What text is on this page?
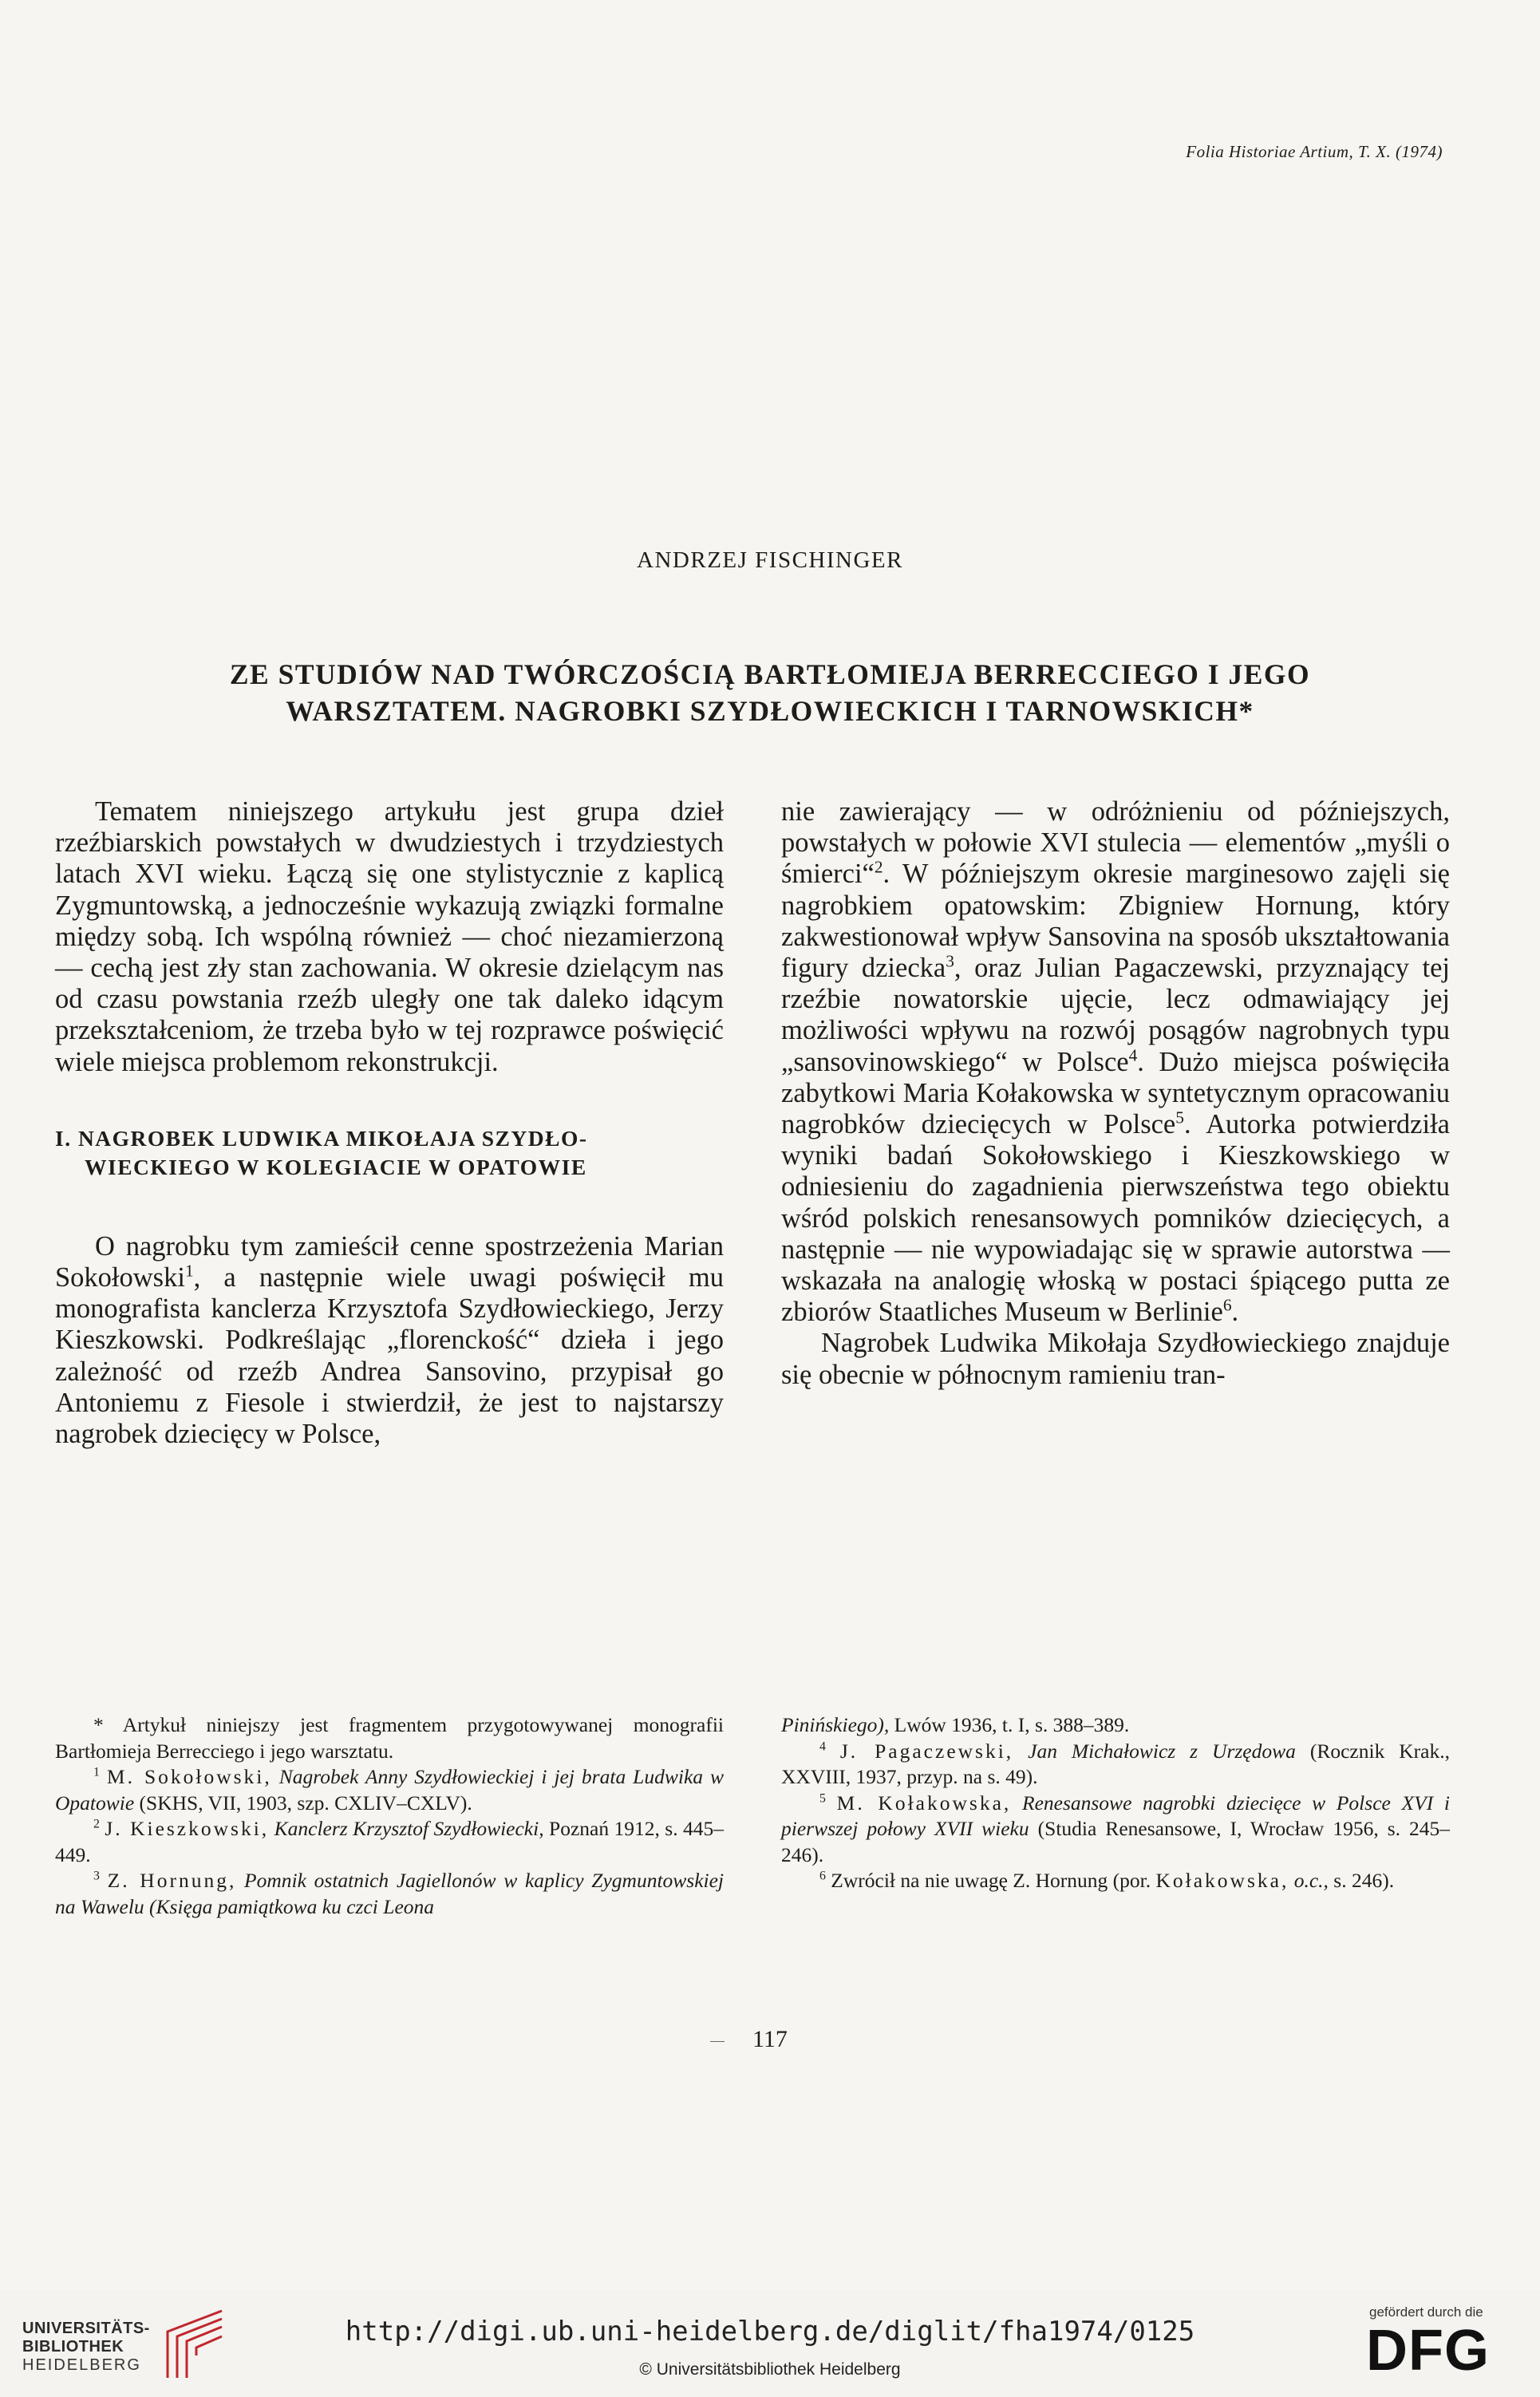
Folia Historiae Artium, T. X. (1974)
ANDRZEJ FISCHINGER
ZE STUDIÓW NAD TWÓRCZOŚCIĄ BARTŁOMIEJA BERRECCIEGO I JEGO
WARSZTATEM. NAGROBKI SZYDŁOWIECKICH I TARNOWSKICH*

Tematem niniejszego artykułu jest grupa dzieł rzeźbiarskich powstałych w dwudziestych i trzydziestych latach XVI wieku. Łączą się one stylistycznie z kaplicą Zygmuntowską, a jednocześnie wykazują związki formalne między sobą. Ich wspólną również — choć niezamierzoną — cechą jest zły stan zachowania. W okresie dzielącym nas od czasu powstania rzeźb uległy one tak daleko idącym przekształceniom, że trzeba było w tej rozprawce poświęcić wiele miejsca problemom rekonstrukcji.

I. NAGROBEK LUDWIKA MIKOŁAJA SZYDŁO-
WIECKIEGO W KOLEGIACIE W OPATOWIE

O nagrobku tym zamieścił cenne spostrzeżenia Marian Sokołowski$^1$, a następnie wiele uwagi poświęcił mu monografista kanclerza Krzysztofa Szydłowieckiego, Jerzy Kieszkowski. Podkreślając „florenckość“ dzieła i jego zależność od rzeźb Andrea Sansovino, przypisał go Antoniemu z Fiesole i stwierdził, że jest to najstarszy nagrobek dziecięcy w Polsce,

nie zawierający — w odróżnieniu od późniejszych, powstałych w połowie XVI stulecia — elementów „myśli o śmierci“$^2$. W późniejszym okresie marginesowo zajęli się nagrobkiem opatowskim: Zbigniew Hornung, który zakwestionował wpływ Sansovina na sposób ukształtowania figury dziecka$^3$, oraz Julian Pagaczewski, przyznający tej rzeźbie nowatorskie ujęcie, lecz odmawiający jej możliwości wpływu na rozwój posągów nagrobnych typu „sansovinowskiego“ w Polsce$^4$. Dużo miejsca poświęciła zabytkowi Maria Kołakowska w syntetycznym opracowaniu nagrobków dziecięcych w Polsce$^5$. Autorka potwierdziła wyniki badań Sokołowskiego i Kieszkowskiego w odniesieniu do zagadnienia pierwszeństwa tego obiektu wśród polskich renesansowych pomników dziecięcych, a następnie — nie wypowiadając się w sprawie autorstwa — wskazała na analogię włoską w postaci śpiącego putta ze zbiorów Staatliches Museum w Berlinie$^6$.

Nagrobek Ludwika Mikołaja Szydłowieckiego znajduje się obecnie w północnym ramieniu tran-

* Artykuł niniejszy jest fragmentem przygotowywanej monografii Bartłomieja Berrecciego i jego warsztatu.

$^1$ M. Sokołowski, Nagrobek Anny Szydłowieckiej i jej brata Ludwika w Opatowie (SKHS, VII, 1903, szp. CXLIV–CXLV).

$^2$ J. Kieszkowski, Kanclerz Krzysztof Szydłowiecki, Poznań 1912, s. 445–449.

$^3$ Z. Hornung, Pomnik ostatnich Jagiellonów w kaplicy Zygmuntowskiej na Wawelu (Księga pamiątkowa ku czci Leona

Pinińskiego), Lwów 1936, t. I, s. 388–389.

$^4$ J. Pagaczewski, Jan Michałowicz z Urzędowa (Rocznik Krak., XXVIII, 1937, przyp. na s. 49).

$^5$ M. Kołakowska, Renesansowe nagrobki dziecięce w Polsce XVI i pierwszej połowy XVII wieku (Studia Renesansowe, I, Wrocław 1956, s. 245–246).

$^6$ Zwrócił na nie uwagę Z. Hornung (por. Kołakowska, o.c., s. 246).

117
UNIVERSITÄTS-
BIBLIOTHEK
HEIDELBERG
http://digi.ub.uni-heidelberg.de/diglit/fha1974/0125
© Universitätsbibliothek Heidelberg
gefördert durch die
DFG
